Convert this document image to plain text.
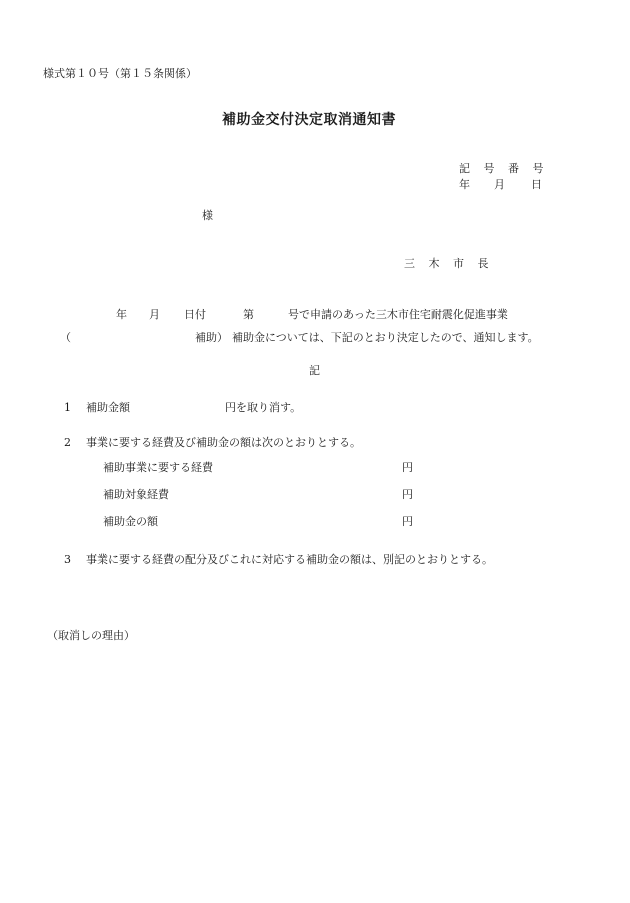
様式第１０号（第１５条関係）
補助金交付決定取消通知書
記 号 番 号
年 月 日
様
三 木 市 長
年 月 日付	第	号で申請のあった三木市住宅耐震化促進事業
（	補助） 補助金については、下記のとおり決定したので、通知します。
記
1 補助金額	円を取り消す。
2 事業に要する経費及び補助金の額は次のとおりとする。
補助事業に要する経費	円
補助対象経費	円
補助金の額	円
3 事業に要する経費の配分及びこれに対応する補助金の額は、別記のとおりとする。
（取消しの理由）
